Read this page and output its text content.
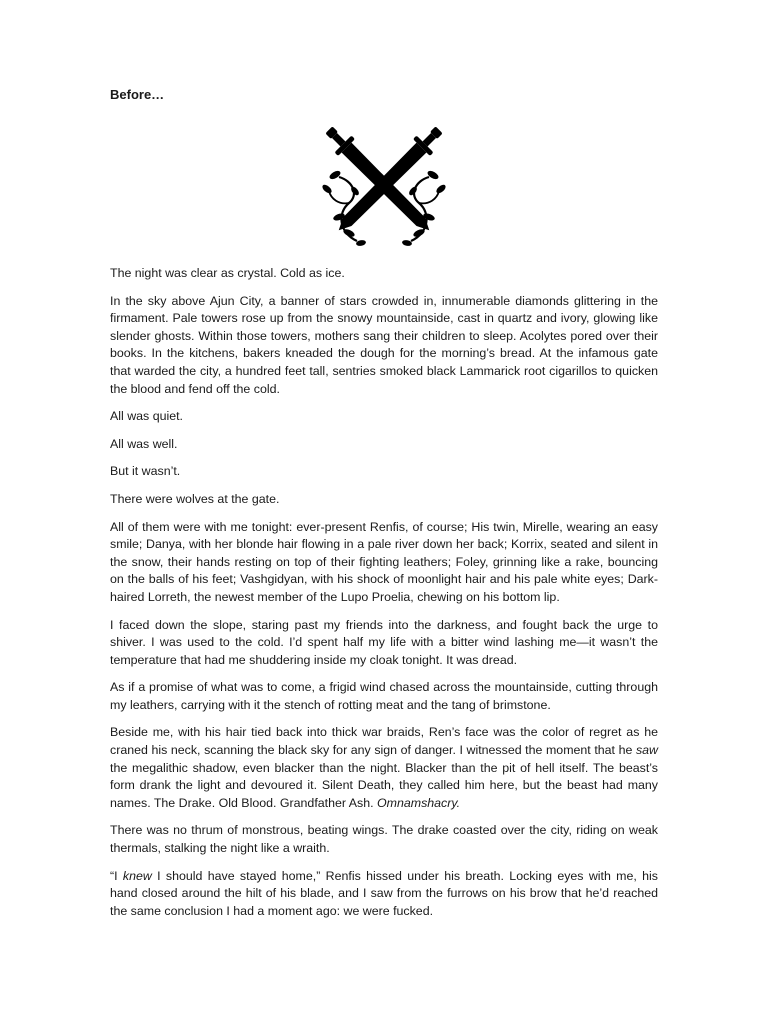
Before…

The night was clear as crystal. Cold as ice.

In the sky above Ajun City, a banner of stars crowded in, innumerable diamonds glittering in the firmament. Pale towers rose up from the snowy mountainside, cast in quartz and ivory, glowing like slender ghosts. Within those towers, mothers sang their children to sleep. Acolytes pored over their books. In the kitchens, bakers kneaded the dough for the morning’s bread. At the infamous gate that warded the city, a hundred feet tall, sentries smoked black Lammarick root cigarillos to quicken the blood and fend off the cold.

All was quiet.

All was well.

But it wasn’t.

There were wolves at the gate.

All of them were with me tonight: ever-present Renfis, of course; His twin, Mirelle, wearing an easy smile; Danya, with her blonde hair flowing in a pale river down her back; Korrix, seated and silent in the snow, their hands resting on top of their fighting leathers; Foley, grinning like a rake, bouncing on the balls of his feet; Vashgidyan, with his shock of moonlight hair and his pale white eyes; Dark-haired Lorreth, the newest member of the Lupo Proelia, chewing on his bottom lip.

I faced down the slope, staring past my friends into the darkness, and fought back the urge to shiver. I was used to the cold. I’d spent half my life with a bitter wind lashing me—it wasn’t the temperature that had me shuddering inside my cloak tonight. It was dread.

As if a promise of what was to come, a frigid wind chased across the mountainside, cutting through my leathers, carrying with it the stench of rotting meat and the tang of brimstone.

Beside me, with his hair tied back into thick war braids, Ren’s face was the color of regret as he craned his neck, scanning the black sky for any sign of danger. I witnessed the moment that he saw the megalithic shadow, even blacker than the night. Blacker than the pit of hell itself. The beast’s form drank the light and devoured it. Silent Death, they called him here, but the beast had many names. The Drake. Old Blood. Grandfather Ash. Omnamshacry.

There was no thrum of monstrous, beating wings. The drake coasted over the city, riding on weak thermals, stalking the night like a wraith.

“I knew I should have stayed home,” Renfis hissed under his breath. Locking eyes with me, his hand closed around the hilt of his blade, and I saw from the furrows on his brow that he’d reached the same conclusion I had a moment ago: we were fucked.
